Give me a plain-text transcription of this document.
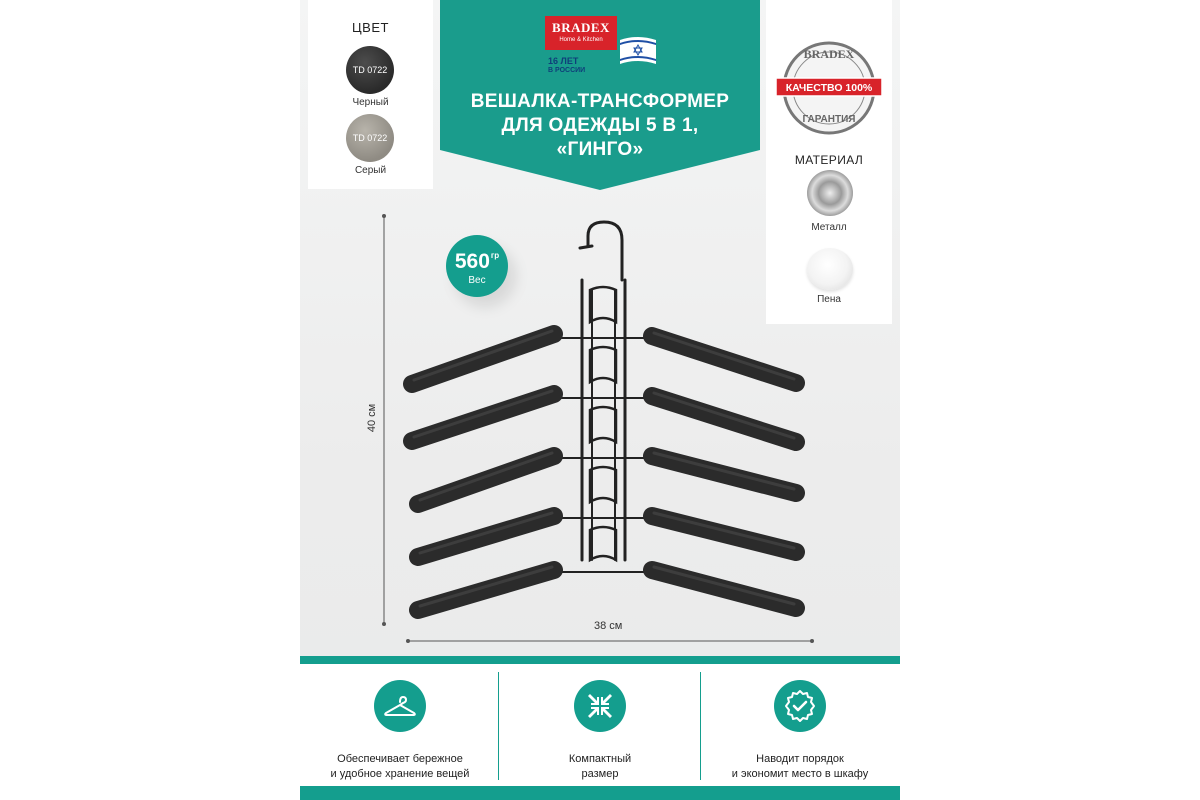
ЦВЕТ
TD 0722
Черный
TD 0722
Серый
BRADEX
Home & Kitchen
16 ЛЕТ
В РОССИИ
ВЕШАЛКА-ТРАНСФОРМЕР
ДЛЯ ОДЕЖДЫ 5 В 1,
«ГИНГО»
BRADEX
КАЧЕСТВО 100%
ГАРАНТИЯ
МАТЕРИАЛ
Металл
Пена
$560^{гр}$
Вес
40 см
38 см
Обеспечивает бережное
и удобное хранение вещей
Компактный
размер
Наводит порядок
и экономит место в шкафу
